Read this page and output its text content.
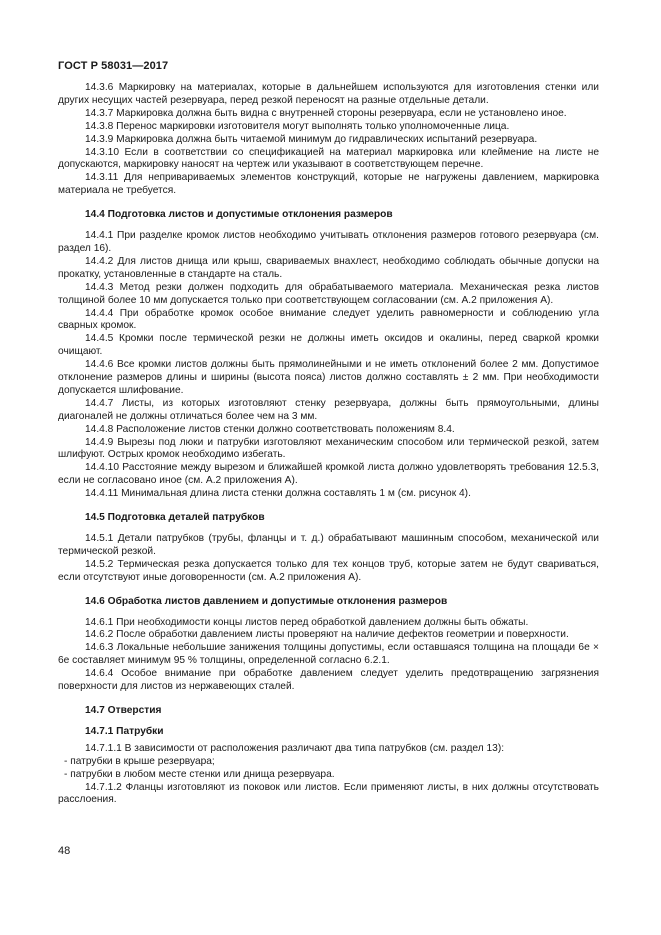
ГОСТ Р 58031—2017
14.3.6 Маркировку на материалах, которые в дальнейшем используются для изготовления стенки или других несущих частей резервуара, перед резкой переносят на разные отдельные детали.
14.3.7 Маркировка должна быть видна с внутренней стороны резервуара, если не установлено иное.
14.3.8 Перенос маркировки изготовителя могут выполнять только уполномоченные лица.
14.3.9 Маркировка должна быть читаемой минимум до гидравлических испытаний резервуара.
14.3.10 Если в соответствии со спецификацией на материал маркировка или клеймение на листе не допускаются, маркировку наносят на чертеж или указывают в соответствующем перечне.
14.3.11 Для неприваривaемых элементов конструкций, которые не нагружены давлением, маркировка материала не требуется.
14.4 Подготовка листов и допустимые отклонения размеров
14.4.1 При разделке кромок листов необходимо учитывать отклонения размеров готового резервуара (см. раздел 16).
14.4.2 Для листов днища или крыш, свариваемых внахлест, необходимо соблюдать обычные допуски на прокатку, установленные в стандарте на сталь.
14.4.3 Метод резки должен подходить для обрабатываемого материала. Механическая резка листов толщиной более 10 мм допускается только при соответствующем согласовании (см. А.2 приложения А).
14.4.4 При обработке кромок особое внимание следует уделить равномерности и соблюдению угла сварных кромок.
14.4.5 Кромки после термической резки не должны иметь оксидов и окалины, перед сваркой кромки очищают.
14.4.6 Все кромки листов должны быть прямолинейными и не иметь отклонений более 2 мм. Допустимое отклонение размеров длины и ширины (высота пояса) листов должно составлять ± 2 мм. При необходимости допускается шлифование.
14.4.7 Листы, из которых изготовляют стенку резервуара, должны быть прямоугольными, длины диагоналей не должны отличаться более чем на 3 мм.
14.4.8 Расположение листов стенки должно соответствовать положениям 8.4.
14.4.9 Вырезы под люки и патрубки изготовляют механическим способом или термической резкой, затем шлифуют. Острых кромок необходимо избегать.
14.4.10 Расстояние между вырезом и ближайшей кромкой листа должно удовлетворять требования 12.5.3, если не согласовано иное (см. А.2 приложения А).
14.4.11 Минимальная длина листа стенки должна составлять 1 м (см. рисунок 4).
14.5 Подготовка деталей патрубков
14.5.1 Детали патрубков (трубы, фланцы и т. д.) обрабатывают машинным способом, механической или термической резкой.
14.5.2 Термическая резка допускается только для тех концов труб, которые затем не будут свариваться, если отсутствуют иные договоренности (см. А.2 приложения А).
14.6 Обработка листов давлением и допустимые отклонения размеров
14.6.1 При необходимости концы листов перед обработкой давлением должны быть обжаты.
14.6.2 После обработки давлением листы проверяют на наличие дефектов геометрии и поверхности.
14.6.3 Локальные небольшие занижения толщины допустимы, если оставшаяся толщина на площади 6е × 6е составляет минимум 95 % толщины, определенной согласно 6.2.1.
14.6.4 Особое внимание при обработке давлением следует уделить предотвращению загрязнения поверхности для листов из нержавеющих сталей.
14.7 Отверстия
14.7.1 Патрубки
14.7.1.1 В зависимости от расположения различают два типа патрубков (см. раздел 13):
- патрубки в крыше резервуара;
- патрубки в любом месте стенки или днища резервуара.
14.7.1.2 Фланцы изготовляют из поковок или листов. Если применяют листы, в них должны отсутствовать расслоения.
48
